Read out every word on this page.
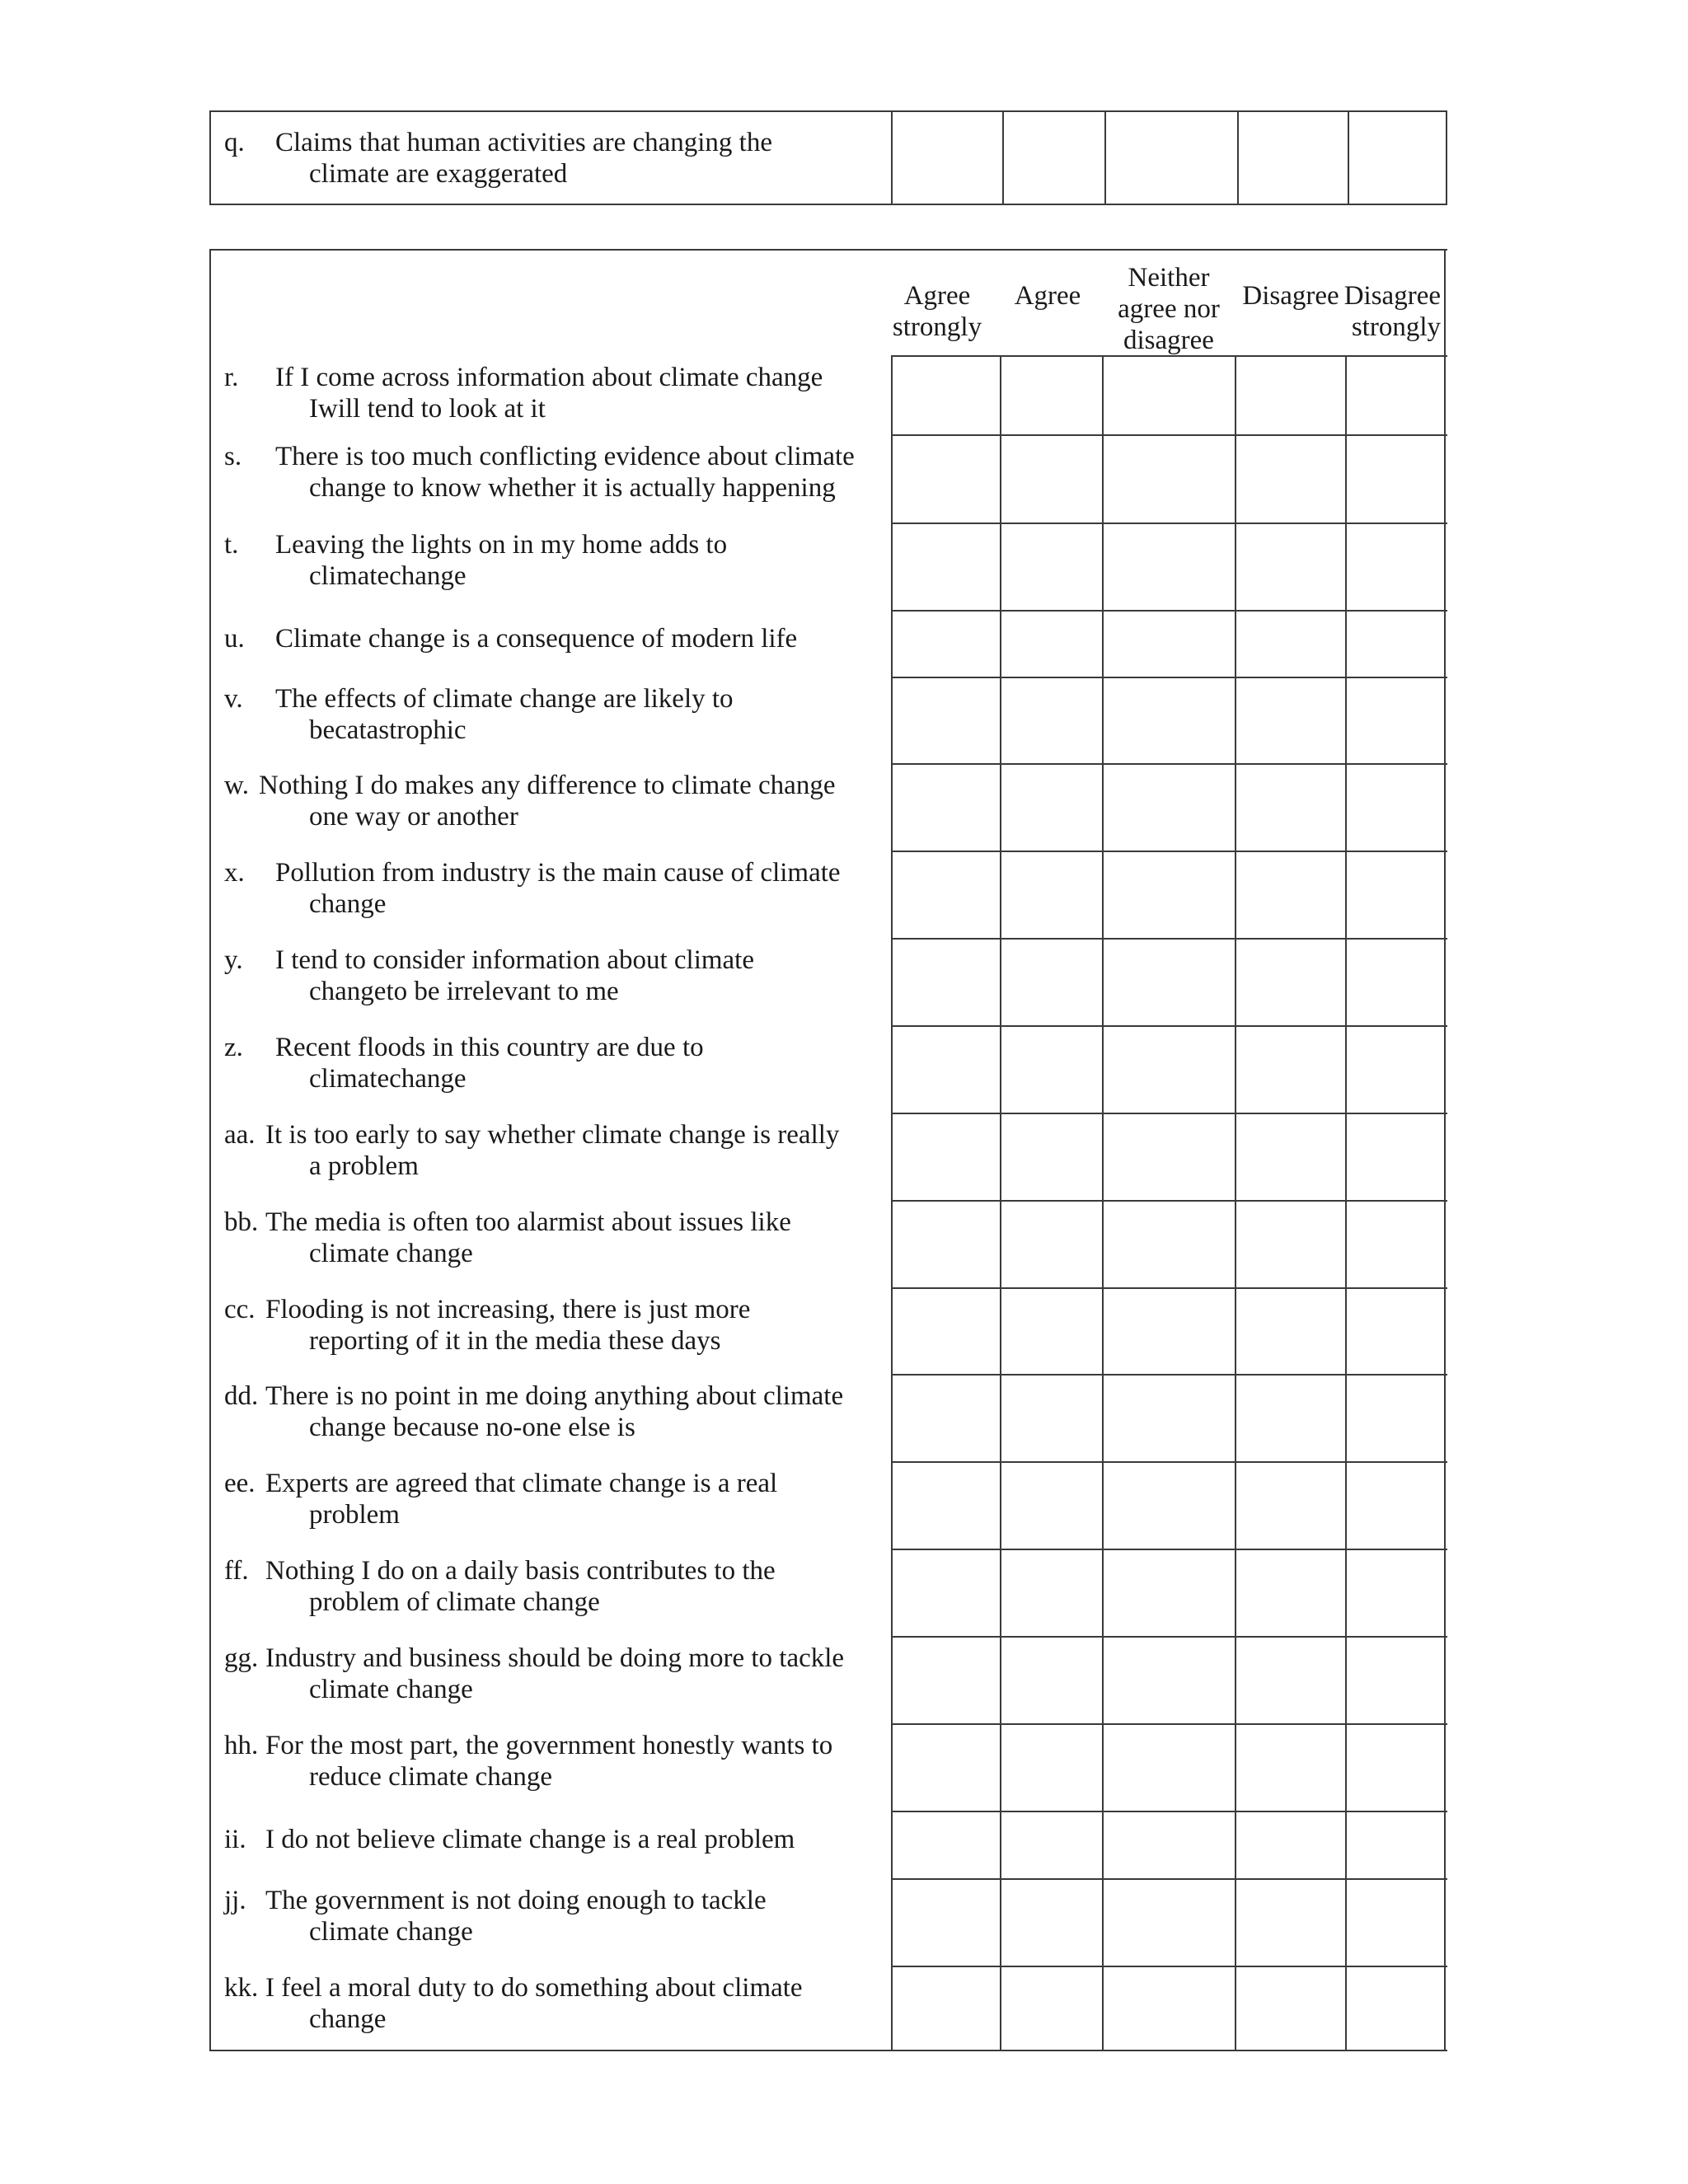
q. Claims that human activities are changing the
climate are exaggerated
Agree
strongly
Agree
Neither
agree nor
disagree
Disagree Disagree
strongly
r. If I come across information about climate change
Iwill tend to look at it
s. There is too much conflicting evidence about climate
change to know whether it is actually happening
t. Leaving the lights on in my home adds to
climatechange
u. Climate change is a consequence of modern life
v. The effects of climate change are likely to
becatastrophic
w. Nothing I do makes any difference to climate change
one way or another
x. Pollution from industry is the main cause of climate
change
y. I tend to consider information about climate
changeto be irrelevant to me
z. Recent floods in this country are due to
climatechange
aa. It is too early to say whether climate change is really
a problem
bb. The media is often too alarmist about issues like
climate change
cc. Flooding is not increasing, there is just more
reporting of it in the media these days
dd. There is no point in me doing anything about climate
change because no-one else is
ee. Experts are agreed that climate change is a real
problem
ff. Nothing I do on a daily basis contributes to the
problem of climate change
gg. Industry and business should be doing more to tackle
climate change
hh. For the most part, the government honestly wants to
reduce climate change
ii. I do not believe climate change is a real problem
jj. The government is not doing enough to tackle
climate change
kk. I feel a moral duty to do something about climate
change
